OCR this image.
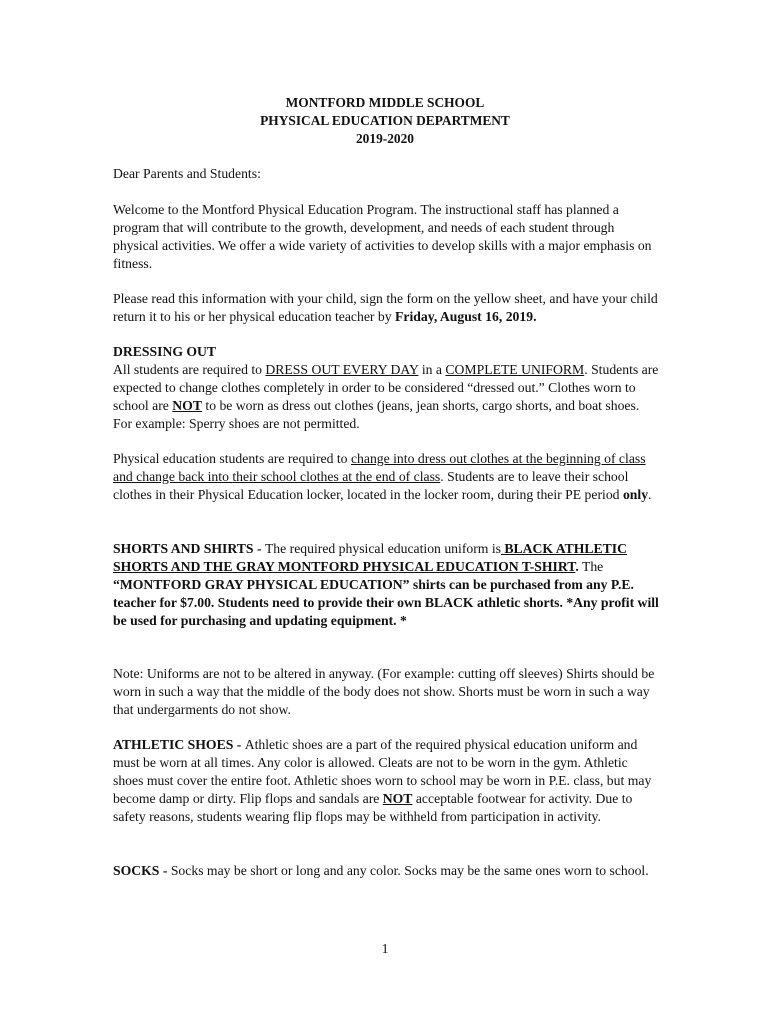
MONTFORD MIDDLE SCHOOL
PHYSICAL EDUCATION DEPARTMENT
2019-2020
Dear Parents and Students:
Welcome to the Montford Physical Education Program. The instructional staff has planned a program that will contribute to the growth, development, and needs of each student through physical activities. We offer a wide variety of activities to develop skills with a major emphasis on fitness.
Please read this information with your child, sign the form on the yellow sheet, and have your child return it to his or her physical education teacher by Friday, August 16, 2019.
DRESSING OUT
All students are required to DRESS OUT EVERY DAY in a COMPLETE UNIFORM. Students are expected to change clothes completely in order to be considered “dressed out.” Clothes worn to school are NOT to be worn as dress out clothes (jeans, jean shorts, cargo shorts, and boat shoes. For example: Sperry shoes are not permitted.
Physical education students are required to change into dress out clothes at the beginning of class and change back into their school clothes at the end of class. Students are to leave their school clothes in their Physical Education locker, located in the locker room, during their PE period only.
SHORTS AND SHIRTS - The required physical education uniform is BLACK ATHLETIC SHORTS AND THE GRAY MONTFORD PHYSICAL EDUCATION T-SHIRT. The “MONTFORD GRAY PHYSICAL EDUCATION” shirts can be purchased from any P.E. teacher for $7.00. Students need to provide their own BLACK athletic shorts. *Any profit will be used for purchasing and updating equipment. *
Note: Uniforms are not to be altered in anyway. (For example: cutting off sleeves) Shirts should be worn in such a way that the middle of the body does not show. Shorts must be worn in such a way that undergarments do not show.
ATHLETIC SHOES - Athletic shoes are a part of the required physical education uniform and must be worn at all times. Any color is allowed. Cleats are not to be worn in the gym. Athletic shoes must cover the entire foot. Athletic shoes worn to school may be worn in P.E. class, but may become damp or dirty. Flip flops and sandals are NOT acceptable footwear for activity. Due to safety reasons, students wearing flip flops may be withheld from participation in activity.
SOCKS - Socks may be short or long and any color. Socks may be the same ones worn to school.
1
